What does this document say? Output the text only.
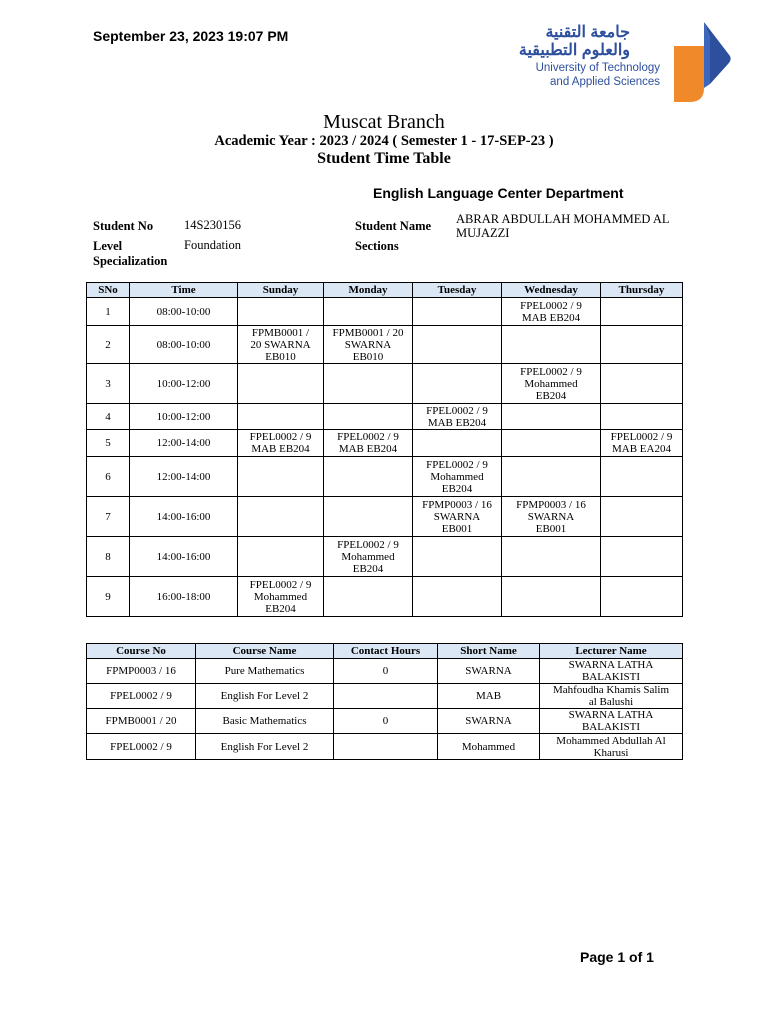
September 23, 2023 19:07 PM	جامعة التقنية
والعلوم التطبيقية
University of Technology
and Applied Sciences
Muscat Branch
Academic Year : 2023 / 2024 ( Semester 1 - 17-SEP-23 )
Student Time Table
English Language Center Department
Student No 14S230156	Student Name ABRAR ABDULLAH MOHAMMED AL MUJAZZI
Level	Foundation	Sections
Specialization
SNo	Time	Sunday	Monday	Tuesday	Wednesday	Thursday
1	08:00-10:00				FPEL0002 / 9
MAB EB204	
2	08:00-10:00	FPMB0001 /
20 SWARNA
EB010	FPMB0001 / 20
SWARNA
EB010			
3	10:00-12:00				FPEL0002 / 9
Mohammed
EB204	
4	10:00-12:00			FPEL0002 / 9
MAB EB204		
5	12:00-14:00	FPEL0002 / 9
MAB EB204	FPEL0002 / 9
MAB EB204			FPEL0002 / 9
MAB EA204
6	12:00-14:00			FPEL0002 / 9
Mohammed
EB204		
7	14:00-16:00			FPMP0003 / 16
SWARNA
EB001	FPMP0003 / 16
SWARNA
EB001	
8	14:00-16:00		FPEL0002 / 9
Mohammed
EB204			
9	16:00-18:00	FPEL0002 / 9
Mohammed
EB204				
Course No	Course Name	Contact Hours	Short Name	Lecturer Name
FPMP0003 / 16	Pure Mathematics	0	SWARNA	SWARNA LATHA
BALAKISTI
FPEL0002 / 9	English For Level 2		MAB	Mahfoudha Khamis Salim
al Balushi
FPMB0001 / 20	Basic Mathematics	0	SWARNA	SWARNA LATHA
BALAKISTI
FPEL0002 / 9	English For Level 2		Mohammed	Mohammed Abdullah Al
Kharusi
Page 1 of 1
